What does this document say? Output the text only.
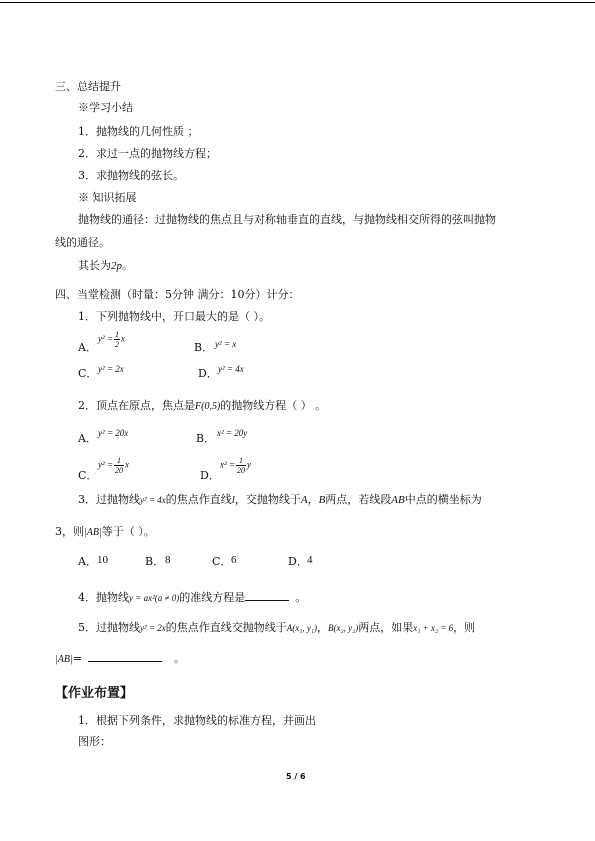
三、总结提升
※学习小结
1．抛物线的几何性质 ；
2．求过一点的抛物线方程；
3．求抛物线的弦长。
※ 知识拓展
抛物线的通径：过抛物线的焦点且与对称轴垂直的直线，与抛物线相交所得的弦叫抛物
线的通径。
其长为2p。
四、当堂检测（时量：5分钟 满分：10分）计分：
1．下列抛物线中，开口最大的是（ ）。
A．
$y^2 = \frac{1}{2}$ x
B． y² = x
C． y² = 2x	D． y² = 4x
2．顶点在原点，焦点是F(0,5)的抛物线方程（ ） 。
A． y² = 20x	B． x² = 20y
C．
$y^2 = \frac{1}{20}$ x
D．
$x^2 = \frac{1}{20}$ y
3．过抛物线y² = 4x的焦点作直线l，交抛物线于A，B两点，若线段AB中点的横坐标为
3，则|AB|等于（ ）。
A． 10	B． 8	C． 6	D． 4
4．抛物线y = ax²(a ≠ 0)的准线方程是	。
5．过抛物线y² = 2x的焦点作直线交抛物线于A(x₁, y₁)，B(x₂, y₂)两点，如果x₁ + x₂ = 6，则
|AB|=	。
【作业布置】
1．根据下列条件，求抛物线的标准方程，并画出
图形：
5 / 6
